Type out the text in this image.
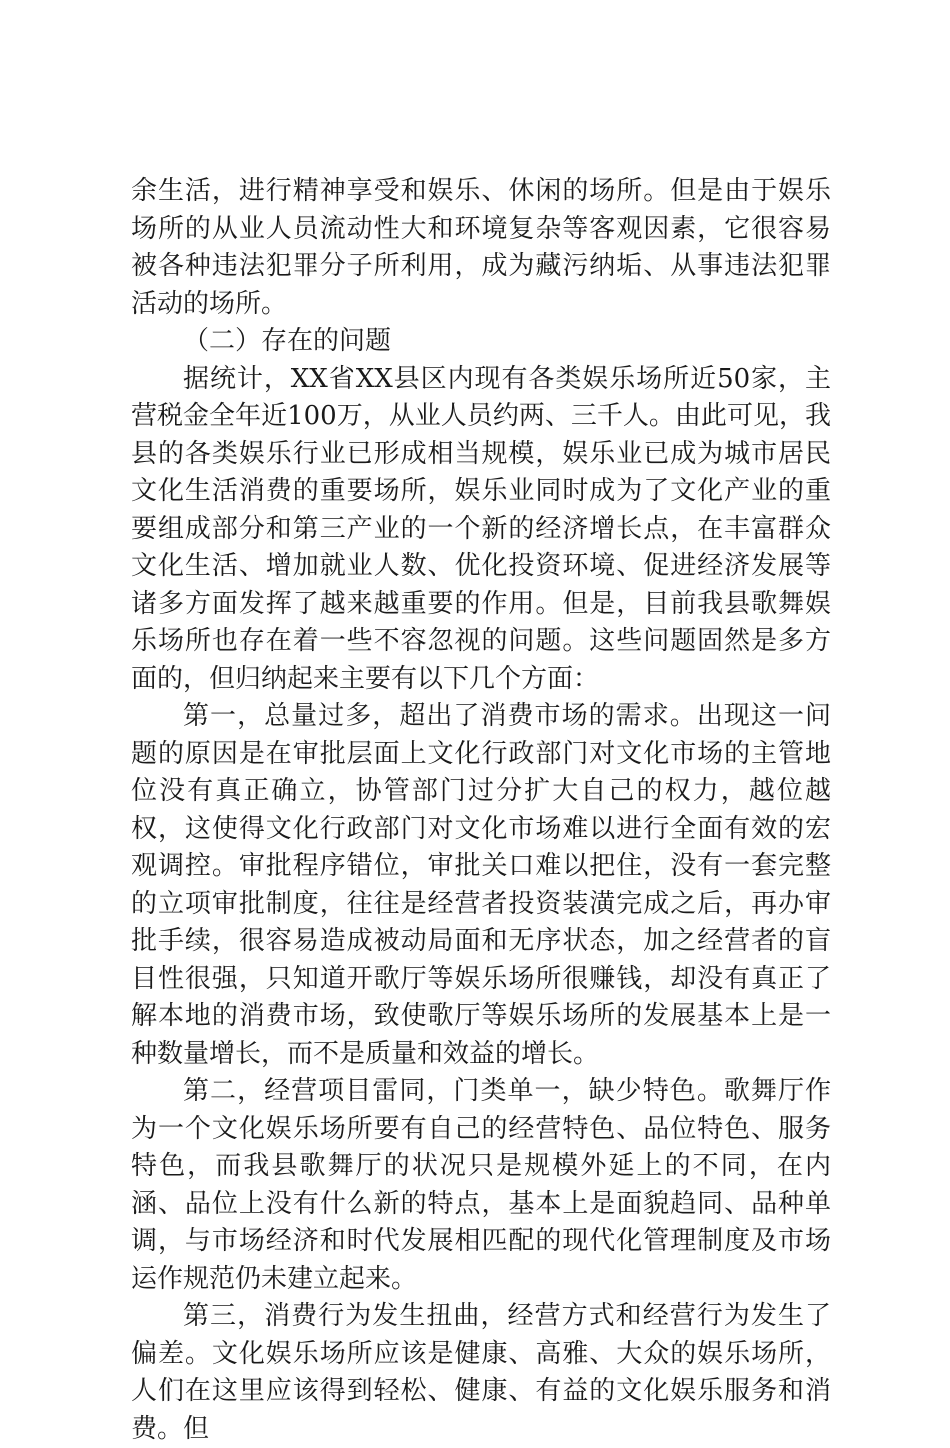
余生活，进行精神享受和娱乐、休闲的场所。但是由于娱乐场所的从业人员流动性大和环境复杂等客观因素，它很容易被各种违法犯罪分子所利用，成为藏污纳垢、从事违法犯罪活动的场所。

（二）存在的问题

据统计，XX省XX县区内现有各类娱乐场所近50家，主营税金全年近100万，从业人员约两、三千人。由此可见，我县的各类娱乐行业已形成相当规模，娱乐业已成为城市居民文化生活消费的重要场所，娱乐业同时成为了文化产业的重要组成部分和第三产业的一个新的经济增长点，在丰富群众文化生活、增加就业人数、优化投资环境、促进经济发展等诸多方面发挥了越来越重要的作用。但是，目前我县歌舞娱乐场所也存在着一些不容忽视的问题。这些问题固然是多方面的，但归纳起来主要有以下几个方面：

第一，总量过多，超出了消费市场的需求。出现这一问题的原因是在审批层面上文化行政部门对文化市场的主管地位没有真正确立，协管部门过分扩大自己的权力，越位越权，这使得文化行政部门对文化市场难以进行全面有效的宏观调控。审批程序错位，审批关口难以把住，没有一套完整的立项审批制度，往往是经营者投资装潢完成之后，再办审批手续，很容易造成被动局面和无序状态，加之经营者的盲目性很强，只知道开歌厅等娱乐场所很赚钱，却没有真正了解本地的消费市场，致使歌厅等娱乐场所的发展基本上是一种数量增长，而不是质量和效益的增长。

第二，经营项目雷同，门类单一，缺少特色。歌舞厅作为一个文化娱乐场所要有自己的经营特色、品位特色、服务特色，而我县歌舞厅的状况只是规模外延上的不同，在内涵、品位上没有什么新的特点，基本上是面貌趋同、品种单调，与市场经济和时代发展相匹配的现代化管理制度及市场运作规范仍未建立起来。

第三，消费行为发生扭曲，经营方式和经营行为发生了偏差。文化娱乐场所应该是健康、高雅、大众的娱乐场所，人们在这里应该得到轻松、健康、有益的文化娱乐服务和消费。但
